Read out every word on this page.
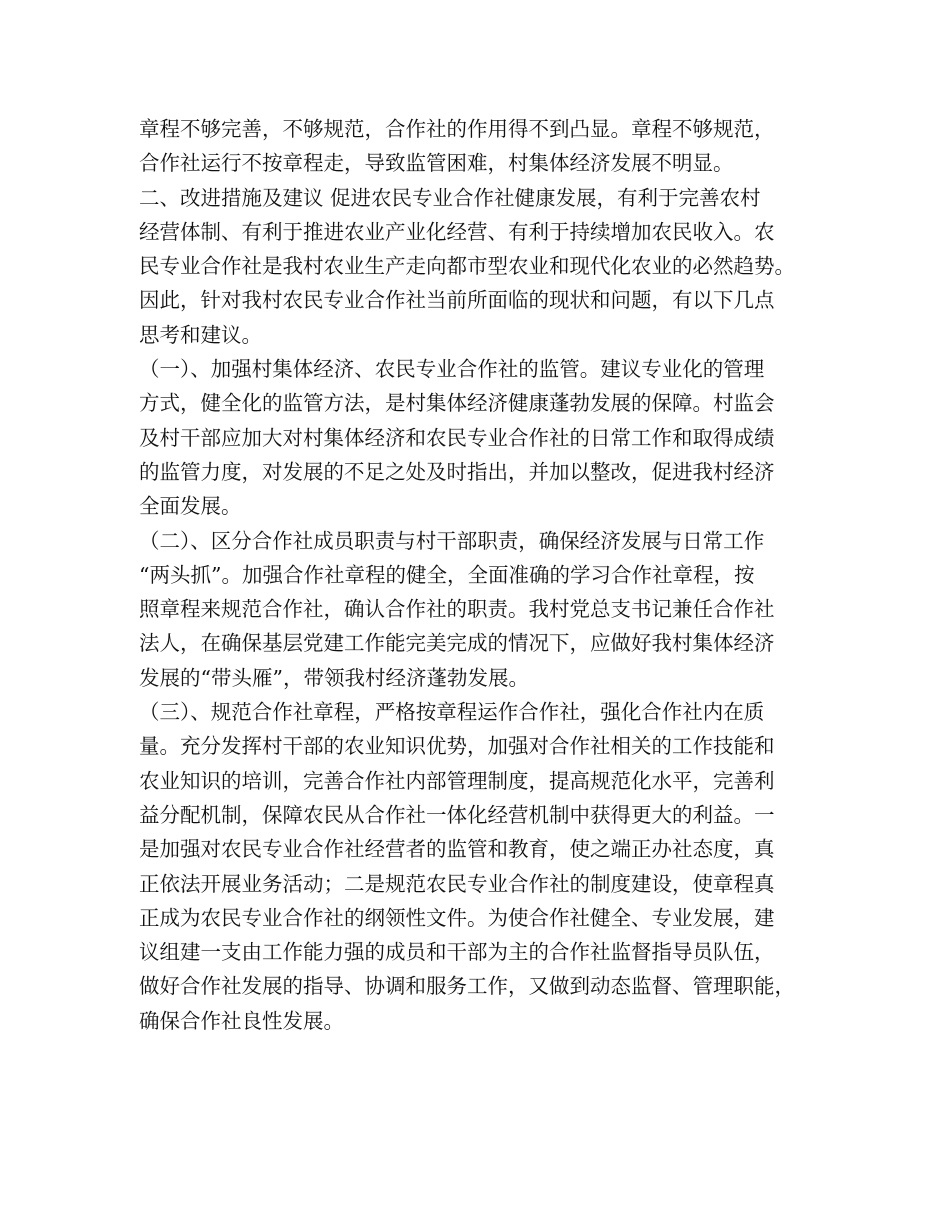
章程不够完善，不够规范，合作社的作用得不到凸显。章程不够规范，
合作社运行不按章程走，导致监管困难，村集体经济发展不明显。
二、改进措施及建议 促进农民专业合作社健康发展，有利于完善农村
经营体制、有利于推进农业产业化经营、有利于持续增加农民收入。农
民专业合作社是我村农业生产走向都市型农业和现代化农业的必然趋势。
因此，针对我村农民专业合作社当前所面临的现状和问题，有以下几点
思考和建议。
（一）、加强村集体经济、农民专业合作社的监管。建议专业化的管理
方式，健全化的监管方法，是村集体经济健康蓬勃发展的保障。村监会
及村干部应加大对村集体经济和农民专业合作社的日常工作和取得成绩
的监管力度，对发展的不足之处及时指出，并加以整改，促进我村经济
全面发展。
（二）、区分合作社成员职责与村干部职责，确保经济发展与日常工作
“两头抓”。加强合作社章程的健全，全面准确的学习合作社章程，按
照章程来规范合作社，确认合作社的职责。我村党总支书记兼任合作社
法人，在确保基层党建工作能完美完成的情况下，应做好我村集体经济
发展的“带头雁”，带领我村经济蓬勃发展。
（三）、规范合作社章程，严格按章程运作合作社，强化合作社内在质
量。充分发挥村干部的农业知识优势，加强对合作社相关的工作技能和
农业知识的培训，完善合作社内部管理制度，提高规范化水平，完善利
益分配机制，保障农民从合作社一体化经营机制中获得更大的利益。一
是加强对农民专业合作社经营者的监管和教育，使之端正办社态度，真
正依法开展业务活动；二是规范农民专业合作社的制度建设，使章程真
正成为农民专业合作社的纲领性文件。为使合作社健全、专业发展，建
议组建一支由工作能力强的成员和干部为主的合作社监督指导员队伍，
做好合作社发展的指导、协调和服务工作，又做到动态监督、管理职能，
确保合作社良性发展。
